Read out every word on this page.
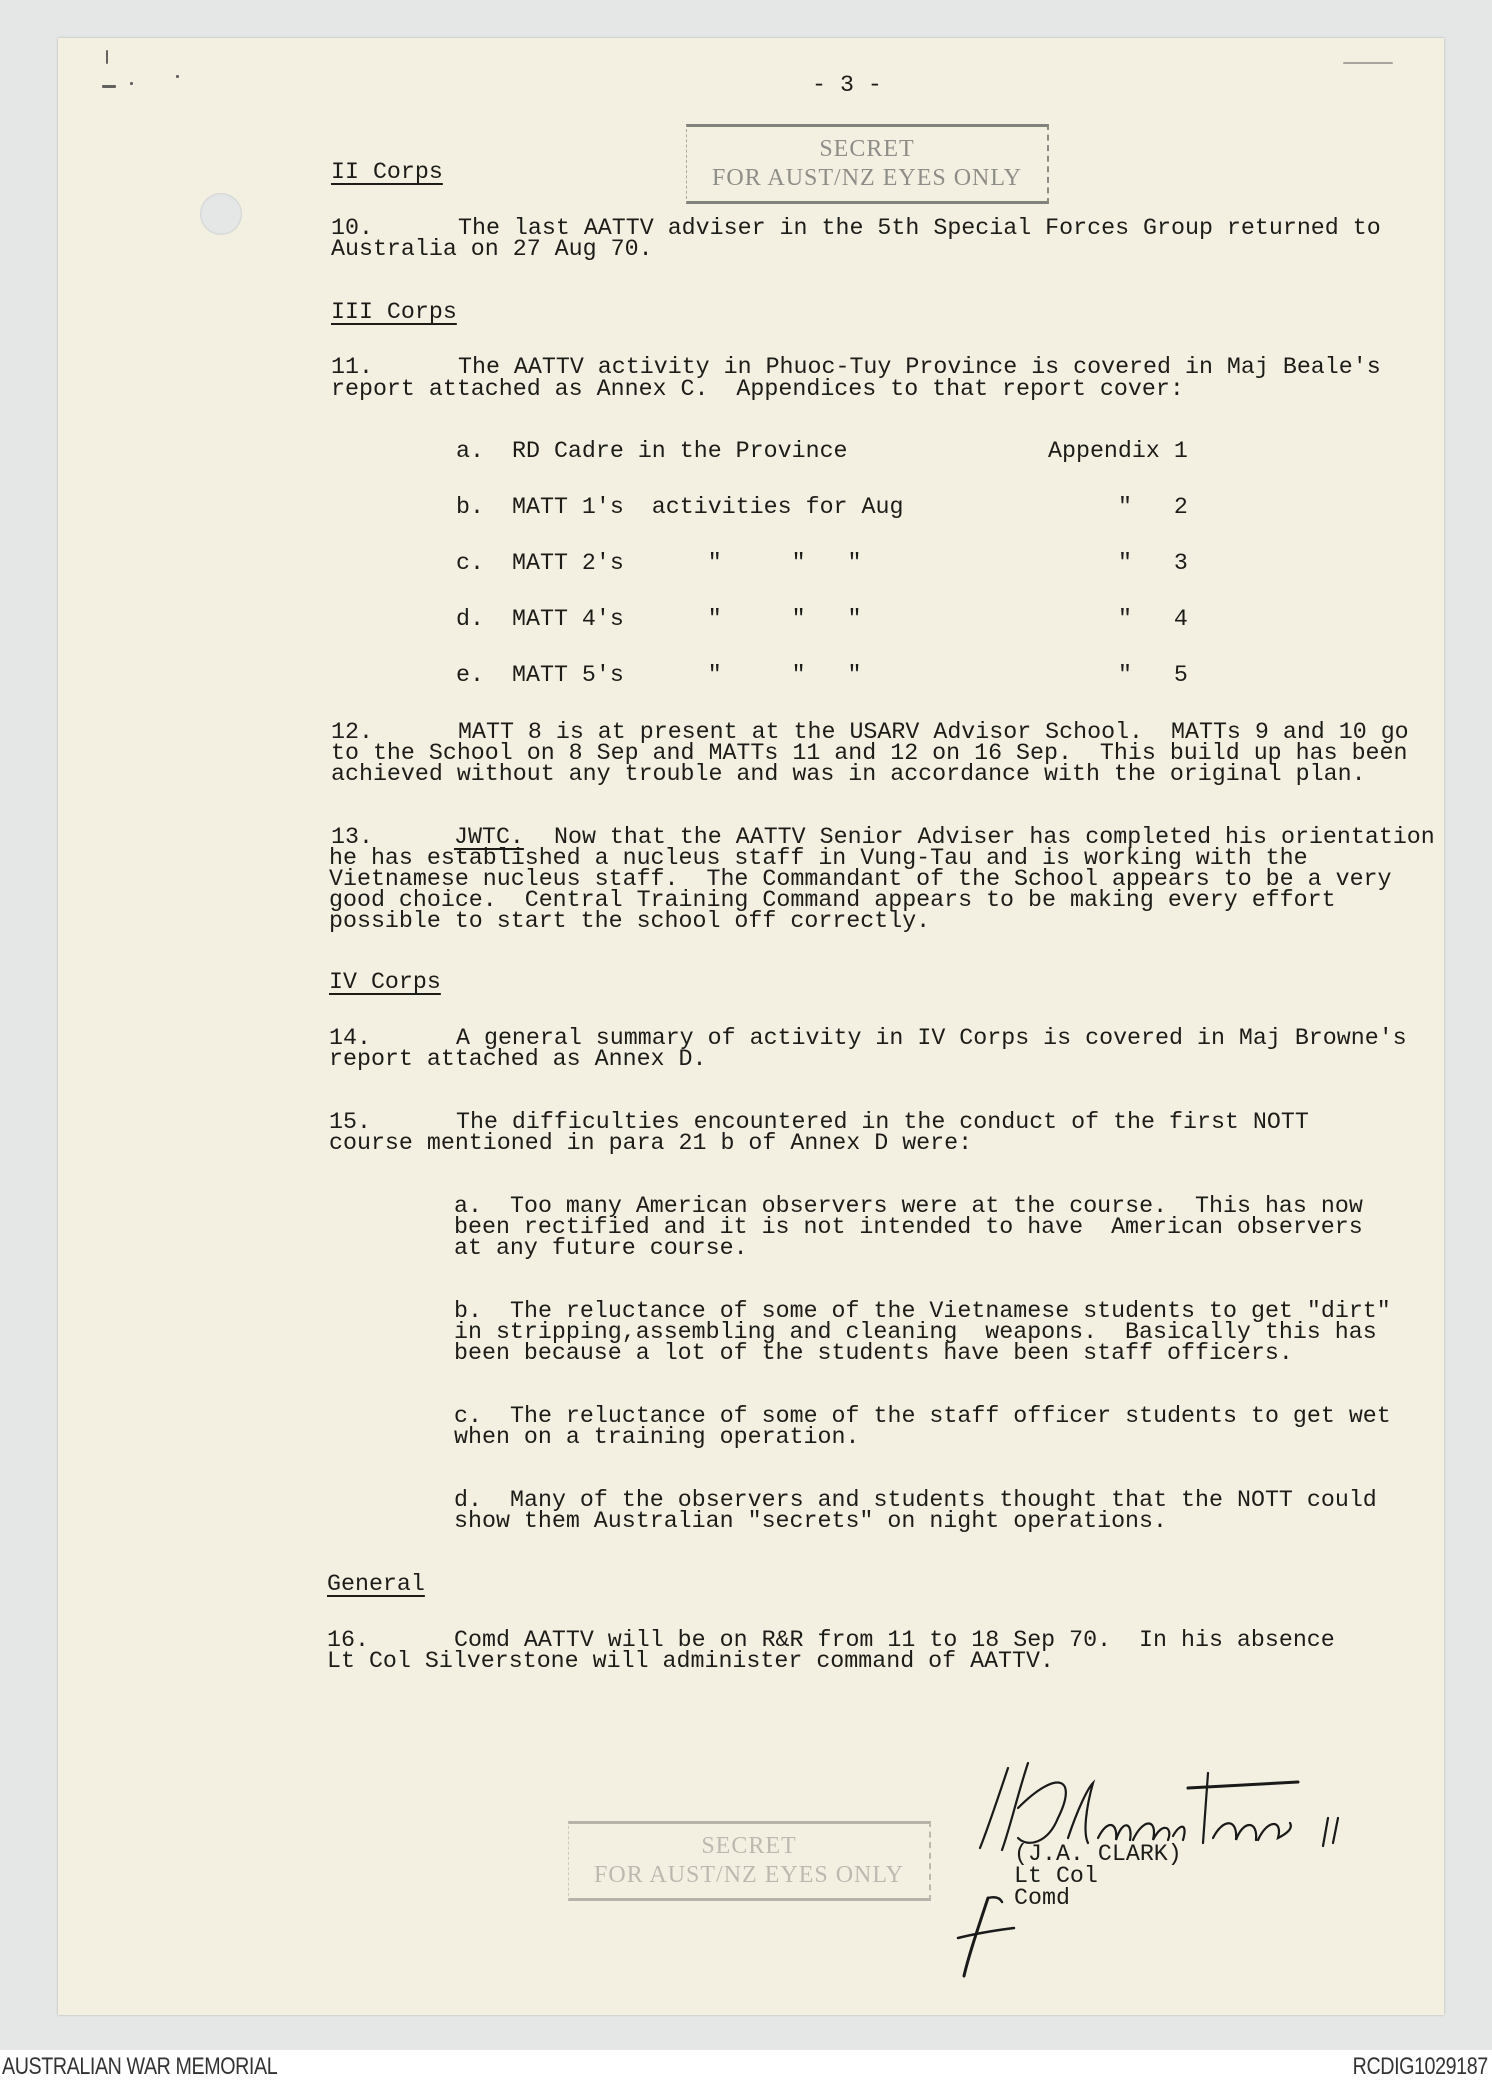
- 3 -
SECRET
FOR AUST/NZ EYES ONLY
II Corps
10.	The last AATTV adviser in the 5th Special Forces Group returned to
Australia on 27 Aug 70.
III Corps
11.	The AATTV activity in Phuoc-Tuy Province is covered in Maj Beale's
report attached as Annex C.  Appendices to that report cover:
a. RD Cadre in the Province	Appendix 1
b. MATT 1's  activities for Aug	"   2
c. MATT 2's      "     "   "	"   3
d. MATT 4's      "     "   "	"   4
e. MATT 5's      "     "   "	"   5
12.	MATT 8 is at present at the USARV Advisor School.  MATTs 9 and 10 go
to the School on 8 Sep and MATTs 11 and 12 on 16 Sep.  This build up has been
achieved without any trouble and was in accordance with the original plan.
13.	JWTC. Now that the AATTV Senior Adviser has completed his orientation
he has established a nucleus staff in Vung-Tau and is working with the
Vietnamese nucleus staff.  The Commandant of the School appears to be a very
good choice.  Central Training Command appears to be making every effort
possible to start the school off correctly.
IV Corps
14.	A general summary of activity in IV Corps is covered in Maj Browne's
report attached as Annex D.
15.	The difficulties encountered in the conduct of the first NOTT
course mentioned in para 21 b of Annex D were:
a. Too many American observers were at the course.  This has now
been rectified and it is not intended to have  American observers
at any future course.
b. The reluctance of some of the Vietnamese students to get "dirt"
in stripping,assembling and cleaning  weapons.  Basically this has
been because a lot of the students have been staff officers.
c. The reluctance of some of the staff officer students to get wet
when on a training operation.
d. Many of the observers and students thought that the NOTT could
show them Australian "secrets" on night operations.
General
16.	Comd AATTV will be on R&R from 11 to 18 Sep 70.  In his absence
Lt Col Silverstone will administer command of AATTV.
(J.A. CLARK)
Lt Col
Comd
SECRET
FOR AUST/NZ EYES ONLY
AUSTRALIAN WAR MEMORIAL	RCDIG1029187
